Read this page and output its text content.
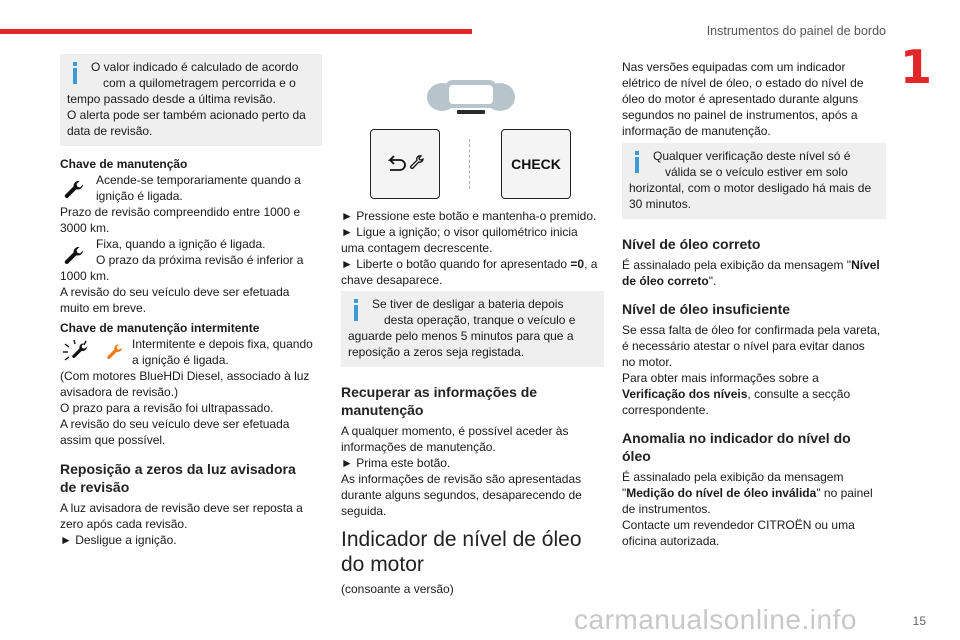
Instrumentos do painel de bordo
1
15
carmanualsonline.info

O valor indicado é calculado de acordo

com a quilometragem percorrida e o

tempo passado desde a última revisão.

O alerta pode ser também acionado perto da

data de revisão.

Chave de manutenção

Acende-se temporariamente quando a

ignição é ligada.

Prazo de revisão compreendido entre 1000 e

3000 km.

Fixa, quando a ignição é ligada.

O prazo da próxima revisão é inferior a

1000 km.

A revisão do seu veículo deve ser efetuada

muito em breve.

Chave de manutenção intermitente

Intermitente e depois fixa, quando

a ignição é ligada.

(Com motores BlueHDi Diesel, associado à luz

avisadora de revisão.)

O prazo para a revisão foi ultrapassado.

A revisão do seu veículo deve ser efetuada

assim que possível.

Reposição a zeros da luz avisadora

de revisão

A luz avisadora de revisão deve ser reposta a

zero após cada revisão.

► Desligue a ignição.

CHECK

► Pressione este botão e mantenha-o premido.

► Ligue a ignição; o visor quilométrico inicia

uma contagem decrescente.

► Liberte o botão quando for apresentado =0, a

chave desaparece.

Se tiver de desligar a bateria depois

desta operação, tranque o veículo e

aguarde pelo menos 5 minutos para que a

reposição a zeros seja registada.

Recuperar as informações de

manutenção

A qualquer momento, é possível aceder às

informações de manutenção.

► Prima este botão.

As informações de revisão são apresentadas

durante alguns segundos, desaparecendo de

seguida.

Indicador de nível de óleo

do motor

(consoante a versão)

Nas versões equipadas com um indicador

elétrico de nível de óleo, o estado do nível de

óleo do motor é apresentado durante alguns

segundos no painel de instrumentos, após a

informação de manutenção.

Qualquer verificação deste nível só é

válida se o veículo estiver em solo

horizontal, com o motor desligado há mais de

30 minutos.

Nível de óleo correto

É assinalado pela exibição da mensagem "Nível

de óleo correto".

Nível de óleo insuficiente

Se essa falta de óleo for confirmada pela vareta,

é necessário atestar o nível para evitar danos

no motor.

Para obter mais informações sobre a

Verificação dos níveis, consulte a secção

correspondente.

Anomalia no indicador do nível do

óleo

É assinalado pela exibição da mensagem

"Medição do nível de óleo inválida" no painel

de instrumentos.

Contacte um revendedor CITROËN ou uma

oficina autorizada.
